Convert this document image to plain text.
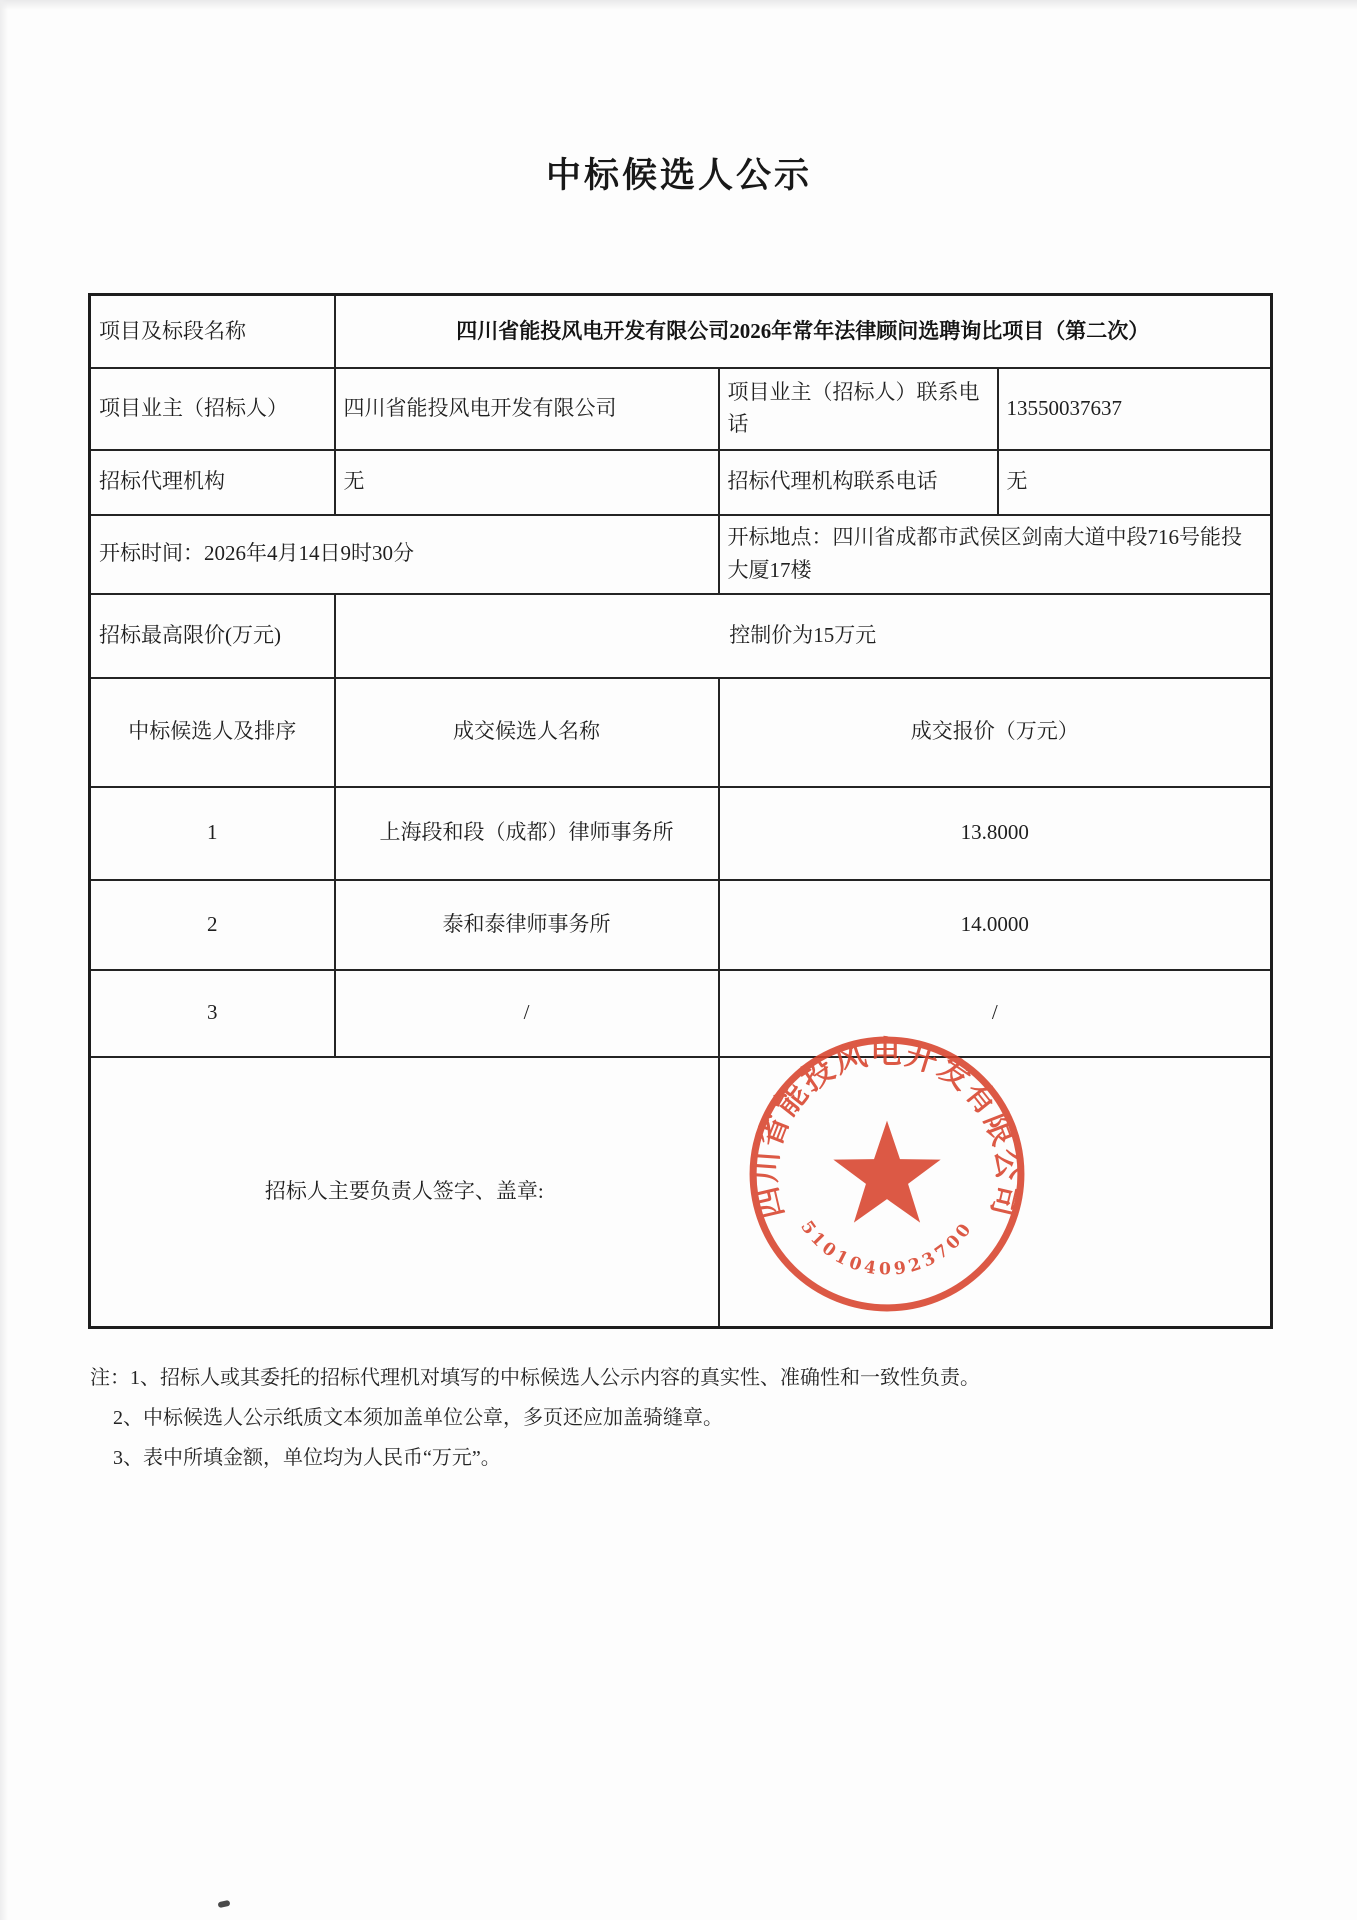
中标候选人公示
项目及标段名称	四川省能投风电开发有限公司2026年常年法律顾问选聘询比项目（第二次）		
项目业主（招标人）	四川省能投风电开发有限公司	项目业主（招标人）联系电话	13550037637
招标代理机构	无	招标代理机构联系电话	无
开标时间：2026年4月14日9时30分		开标地点：四川省成都市武侯区剑南大道中段716号能投大厦17楼	
招标最高限价(万元)	控制价为15万元		
中标候选人及排序	成交候选人名称	成交报价（万元）	
1	上海段和段（成都）律师事务所	13.8000	
2	泰和泰律师事务所	14.0000	
3	/	/	
招标人主要负责人签字、盖章:				四川省能投风电开发有限公司
5101040923700
注：1、招标人或其委托的招标代理机对填写的中标候选人公示内容的真实性、准确性和一致性负责。
2、中标候选人公示纸质文本须加盖单位公章，多页还应加盖骑缝章。
3、表中所填金额，单位均为人民币“万元”。
